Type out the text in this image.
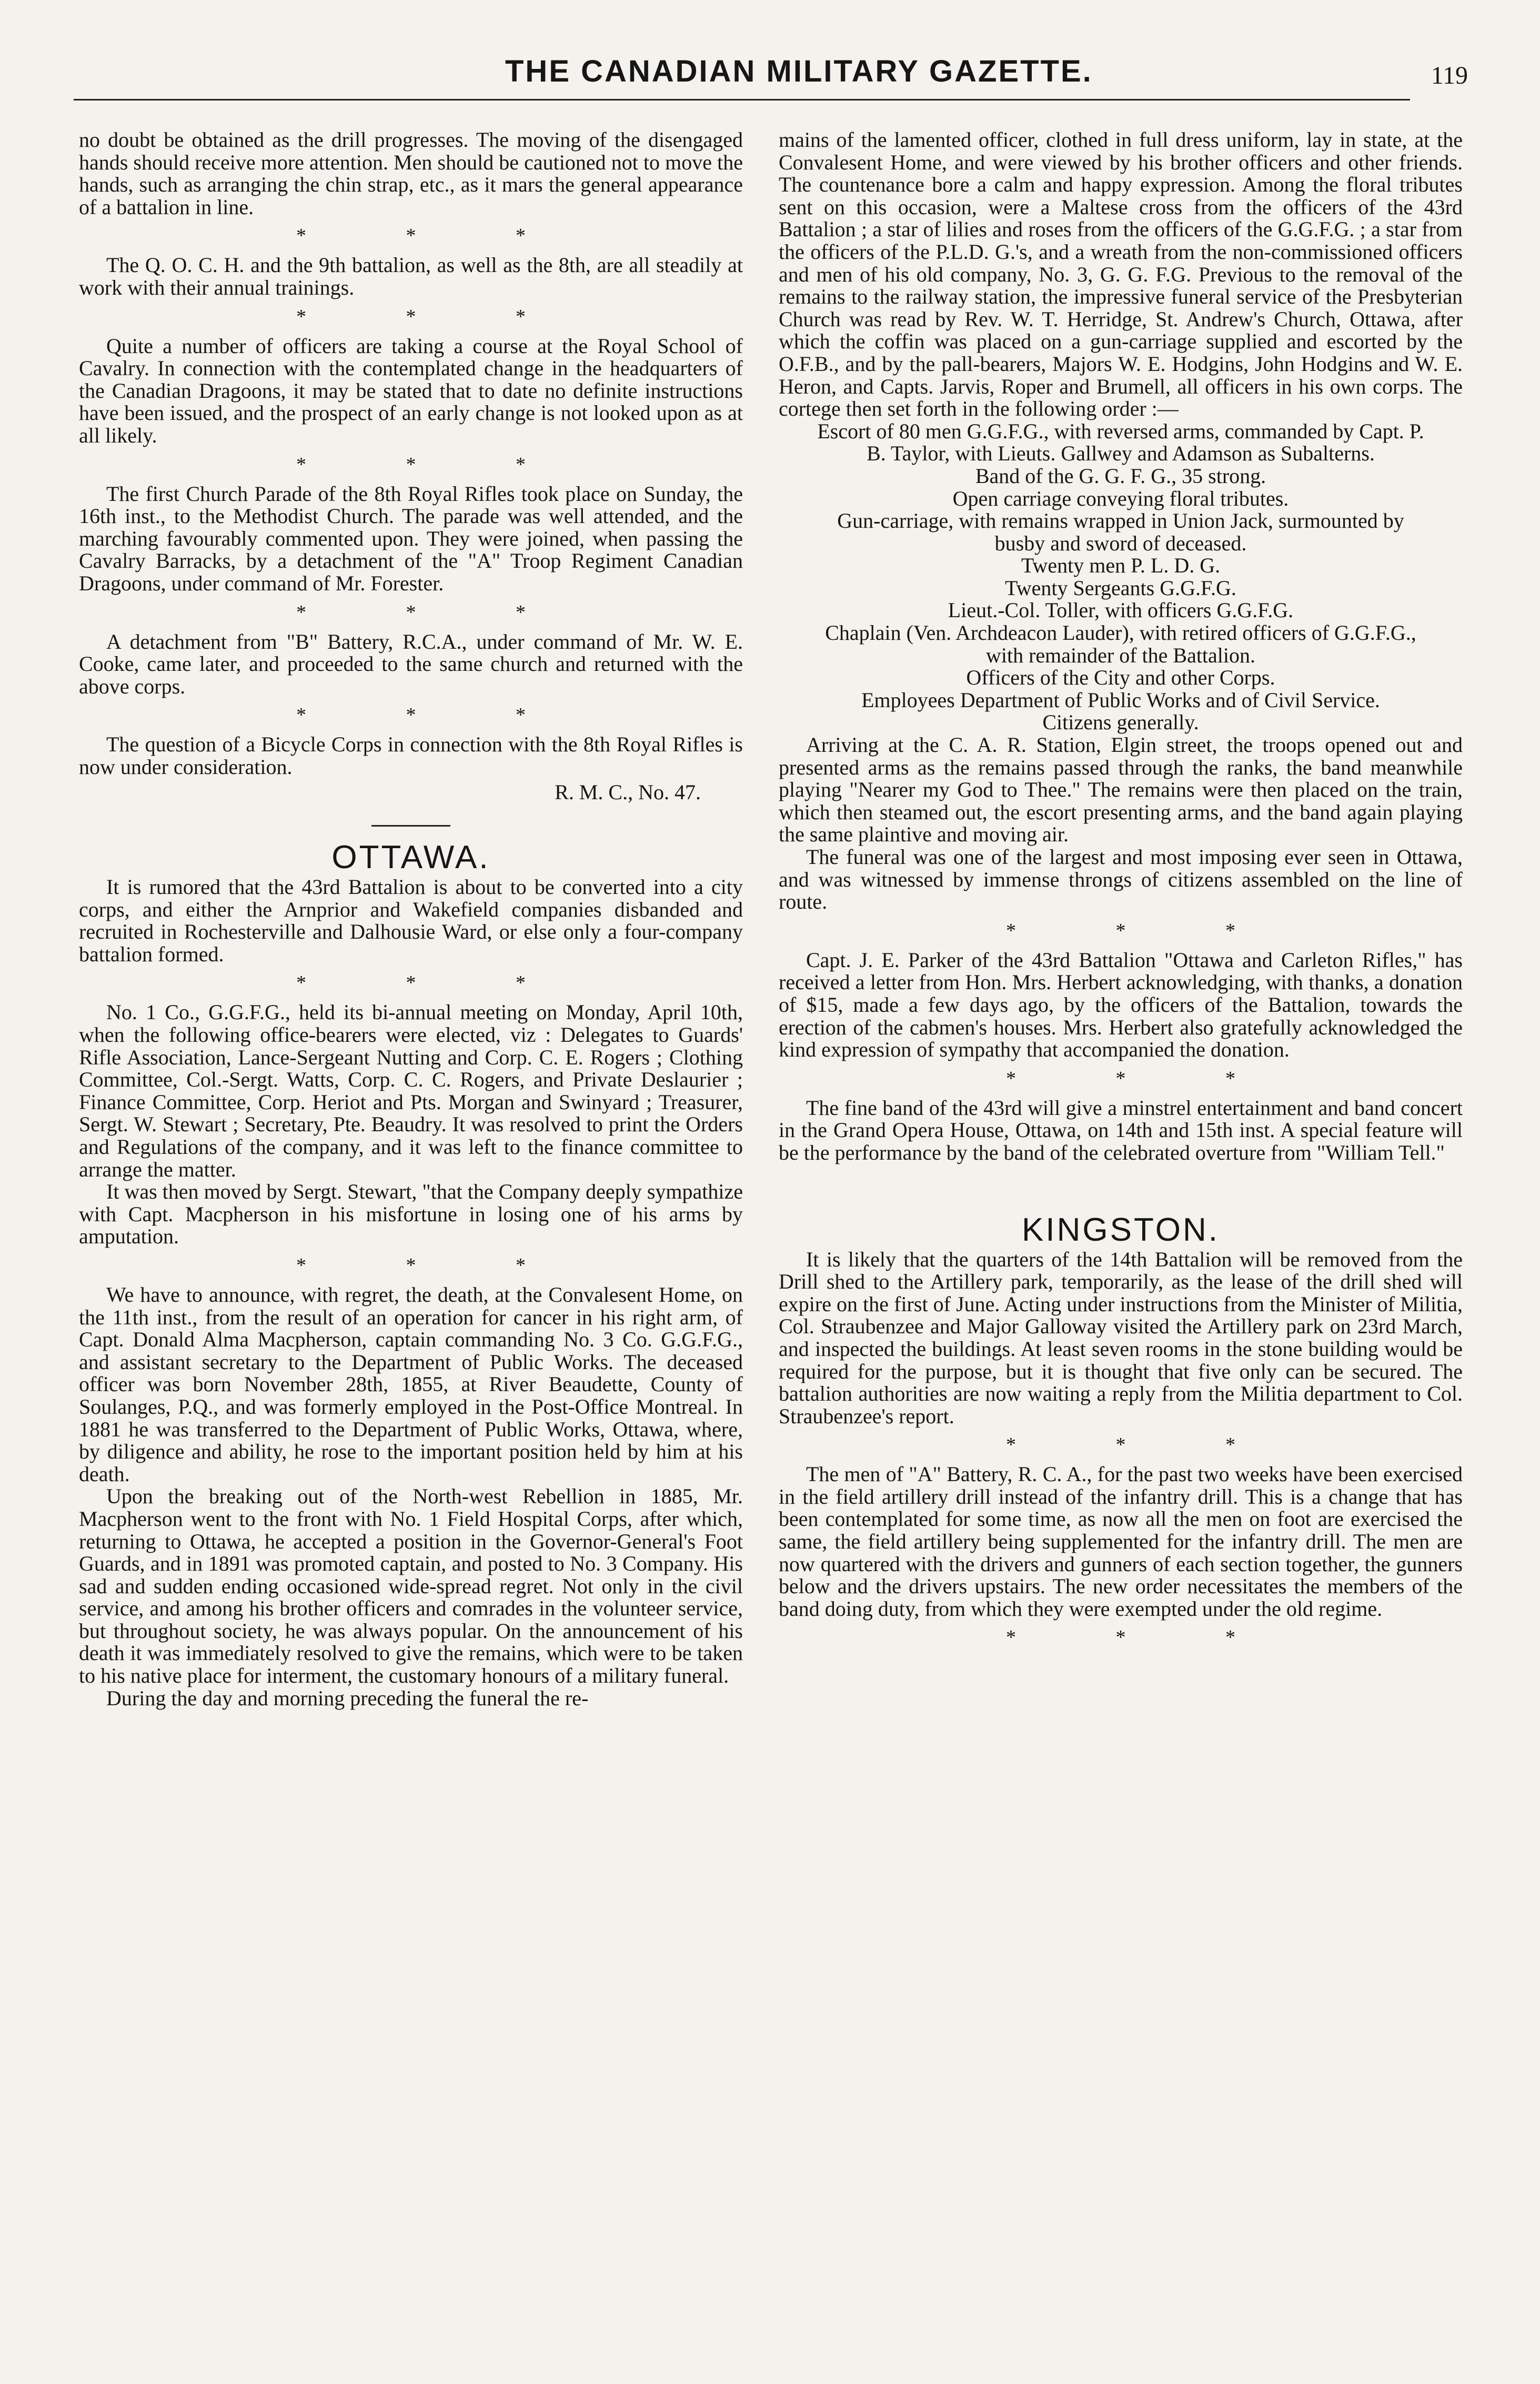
THE CANADIAN MILITARY GAZETTE.	119

no doubt be obtained as the drill progresses. The moving of the disengaged hands should receive more attention. Men should be cautioned not to move the hands, such as arranging the chin strap, etc., as it mars the general appearance of a battalion in line.

* * *

The Q. O. C. H. and the 9th battalion, as well as the 8th, are all steadily at work with their annual trainings.

* * *

Quite a number of officers are taking a course at the Royal School of Cavalry. In connection with the contemplated change in the headquarters of the Canadian Dragoons, it may be stated that to date no definite instructions have been issued, and the prospect of an early change is not looked upon as at all likely.

* * *

The first Church Parade of the 8th Royal Rifles took place on Sunday, the 16th inst., to the Methodist Church. The parade was well attended, and the marching favourably commented upon. They were joined, when passing the Cavalry Barracks, by a detachment of the "A" Troop Regiment Canadian Dragoons, under command of Mr. Forester.

* * *

A detachment from "B" Battery, R.C.A., under command of Mr. W. E. Cooke, came later, and proceeded to the same church and returned with the above corps.

* * *

The question of a Bicycle Corps in connection with the 8th Royal Rifles is now under consideration.

R. M. C., No. 47.

OTTAWA.

It is rumored that the 43rd Battalion is about to be converted into a city corps, and either the Arnprior and Wakefield companies disbanded and recruited in Rochesterville and Dalhousie Ward, or else only a four-company battalion formed.

* * *

No. 1 Co., G.G.F.G., held its bi-annual meeting on Monday, April 10th, when the following office-bearers were elected, viz : Delegates to Guards' Rifle Association, Lance-Sergeant Nutting and Corp. C. E. Rogers ; Clothing Committee, Col.-Sergt. Watts, Corp. C. C. Rogers, and Private Deslaurier ; Finance Committee, Corp. Heriot and Pts. Morgan and Swinyard ; Treasurer, Sergt. W. Stewart ; Secretary, Pte. Beaudry. It was resolved to print the Orders and Regulations of the company, and it was left to the finance committee to arrange the matter.

It was then moved by Sergt. Stewart, "that the Company deeply sympathize with Capt. Macpherson in his misfortune in losing one of his arms by amputation.

* * *

We have to announce, with regret, the death, at the Convalesent Home, on the 11th inst., from the result of an operation for cancer in his right arm, of Capt. Donald Alma Macpherson, captain commanding No. 3 Co. G.G.F.G., and assistant secretary to the Department of Public Works. The deceased officer was born November 28th, 1855, at River Beaudette, County of Soulanges, P.Q., and was formerly employed in the Post-Office Montreal. In 1881 he was transferred to the Department of Public Works, Ottawa, where, by diligence and ability, he rose to the important position held by him at his death.

Upon the breaking out of the North-west Rebellion in 1885, Mr. Macpherson went to the front with No. 1 Field Hospital Corps, after which, returning to Ottawa, he accepted a position in the Governor-General's Foot Guards, and in 1891 was promoted captain, and posted to No. 3 Company. His sad and sudden ending occasioned wide-spread regret. Not only in the civil service, and among his brother officers and comrades in the volunteer service, but throughout society, he was always popular. On the announcement of his death it was immediately resolved to give the remains, which were to be taken to his native place for interment, the customary honours of a military funeral.

During the day and morning preceding the funeral the re-

mains of the lamented officer, clothed in full dress uniform, lay in state, at the Convalesent Home, and were viewed by his brother officers and other friends. The countenance bore a calm and happy expression. Among the floral tributes sent on this occasion, were a Maltese cross from the officers of the 43rd Battalion ; a star of lilies and roses from the officers of the G.G.F.G. ; a star from the officers of the P.L.D. G.'s, and a wreath from the non-commissioned officers and men of his old company, No. 3, G. G. F.G. Previous to the removal of the remains to the railway station, the impressive funeral service of the Presbyterian Church was read by Rev. W. T. Herridge, St. Andrew's Church, Ottawa, after which the coffin was placed on a gun-carriage supplied and escorted by the O.F.B., and by the pall-bearers, Majors W. E. Hodgins, John Hodgins and W. E. Heron, and Capts. Jarvis, Roper and Brumell, all officers in his own corps. The cortege then set forth in the following order :—

Escort of 80 men G.G.F.G., with reversed arms, commanded by Capt. P. B. Taylor, with Lieuts. Gallwey and Adamson as Subalterns.

Band of the G. G. F. G., 35 strong.

Open carriage conveying floral tributes.

Gun-carriage, with remains wrapped in Union Jack, surmounted by busby and sword of deceased.

Twenty men P. L. D. G.

Twenty Sergeants G.G.F.G.

Lieut.-Col. Toller, with officers G.G.F.G.

Chaplain (Ven. Archdeacon Lauder), with retired officers of G.G.F.G., with remainder of the Battalion.

Officers of the City and other Corps.

Employees Department of Public Works and of Civil Service.

Citizens generally.

Arriving at the C. A. R. Station, Elgin street, the troops opened out and presented arms as the remains passed through the ranks, the band meanwhile playing "Nearer my God to Thee." The remains were then placed on the train, which then steamed out, the escort presenting arms, and the band again playing the same plaintive and moving air.

The funeral was one of the largest and most imposing ever seen in Ottawa, and was witnessed by immense throngs of citizens assembled on the line of route.

* * *

Capt. J. E. Parker of the 43rd Battalion "Ottawa and Carleton Rifles," has received a letter from Hon. Mrs. Herbert acknowledging, with thanks, a donation of $15, made a few days ago, by the officers of the Battalion, towards the erection of the cabmen's houses. Mrs. Herbert also gratefully acknowledged the kind expression of sympathy that accompanied the donation.

* * *

The fine band of the 43rd will give a minstrel entertainment and band concert in the Grand Opera House, Ottawa, on 14th and 15th inst. A special feature will be the performance by the band of the celebrated overture from "William Tell."

KINGSTON.

It is likely that the quarters of the 14th Battalion will be removed from the Drill shed to the Artillery park, temporarily, as the lease of the drill shed will expire on the first of June. Acting under instructions from the Minister of Militia, Col. Straubenzee and Major Galloway visited the Artillery park on 23rd March, and inspected the buildings. At least seven rooms in the stone building would be required for the purpose, but it is thought that five only can be secured. The battalion authorities are now waiting a reply from the Militia department to Col. Straubenzee's report.

* * *

The men of "A" Battery, R. C. A., for the past two weeks have been exercised in the field artillery drill instead of the infantry drill. This is a change that has been contemplated for some time, as now all the men on foot are exercised the same, the field artillery being supplemented for the infantry drill. The men are now quartered with the drivers and gunners of each section together, the gunners below and the drivers upstairs. The new order necessitates the members of the band doing duty, from which they were exempted under the old regime.

* * *
